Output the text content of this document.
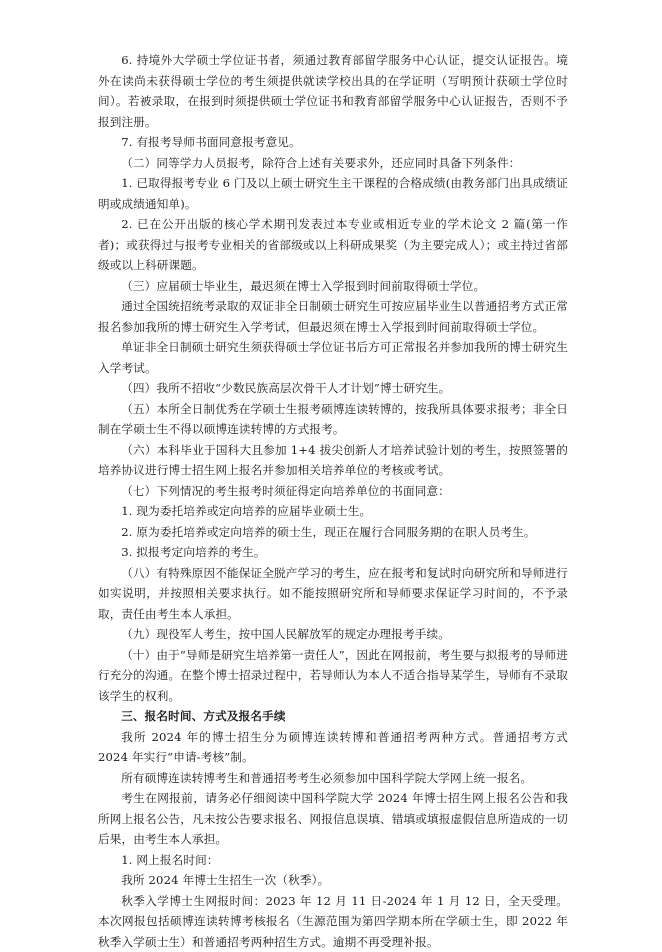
6. 持境外大学硕士学位证书者，须通过教育部留学服务中心认证，提交认证报告。境外在读尚未获得硕士学位的考生须提供就读学校出具的在学证明（写明预计获硕士学位时间）。若被录取，在报到时须提供硕士学位证书和教育部留学服务中心认证报告，否则不予报到注册。

7. 有报考导师书面同意报考意见。

（二）同等学力人员报考，除符合上述有关要求外，还应同时具备下列条件：

1. 已取得报考专业 6 门及以上硕士研究生主干课程的合格成绩(由教务部门出具成绩证明或成绩通知单)。

2. 已在公开出版的核心学术期刊发表过本专业或相近专业的学术论文 2 篇(第一作者)；或获得过与报考专业相关的省部级或以上科研成果奖（为主要完成人）；或主持过省部级或以上科研课题。

（三）应届硕士毕业生，最迟须在博士入学报到时间前取得硕士学位。

通过全国统招统考录取的双证非全日制硕士研究生可按应届毕业生以普通招考方式正常报名参加我所的博士研究生入学考试，但最迟须在博士入学报到时间前取得硕士学位。

单证非全日制硕士研究生须获得硕士学位证书后方可正常报名并参加我所的博士研究生入学考试。

（四）我所不招收“少数民族高层次骨干人才计划”博士研究生。

（五）本所全日制优秀在学硕士生报考硕博连读转博的，按我所具体要求报考；非全日制在学硕士生不得以硕博连读转博的方式报考。

（六）本科毕业于国科大且参加 1+4 拔尖创新人才培养试验计划的考生，按照签署的培养协议进行博士招生网上报名并参加相关培养单位的考核或考试。

（七）下列情况的考生报考时须征得定向培养单位的书面同意：

1. 现为委托培养或定向培养的应届毕业硕士生。

2. 原为委托培养或定向培养的硕士生，现正在履行合同服务期的在职人员考生。

3. 拟报考定向培养的考生。

（八）有特殊原因不能保证全脱产学习的考生，应在报考和复试时向研究所和导师进行如实说明，并按照相关要求执行。如不能按照研究所和导师要求保证学习时间的，不予录取，责任由考生本人承担。

（九）现役军人考生，按中国人民解放军的规定办理报考手续。

（十）由于“导师是研究生培养第一责任人”，因此在网报前，考生要与拟报考的导师进行充分的沟通。在整个博士招录过程中，若导师认为本人不适合指导某学生，导师有不录取该学生的权利。

三、报名时间、方式及报名手续

我所 2024 年的博士招生分为硕博连读转博和普通招考两种方式。普通招考方式 2024 年实行“申请-考核”制。

所有硕博连读转博考生和普通招考考生必须参加中国科学院大学网上统一报名。

考生在网报前，请务必仔细阅读中国科学院大学 2024 年博士招生网上报名公告和我所网上报名公告，凡未按公告要求报名、网报信息误填、错填或填报虚假信息所造成的一切后果，由考生本人承担。

1. 网上报名时间：

我所 2024 年博士生招生一次（秋季）。

秋季入学博士生网报时间：2023 年 12 月 11 日-2024 年 1 月 12 日，全天受理。本次网报包括硕博连读转博考核报名（生源范围为第四学期本所在学硕士生，即 2022 年秋季入学硕士生）和普通招考两种招生方式。逾期不再受理补报。
